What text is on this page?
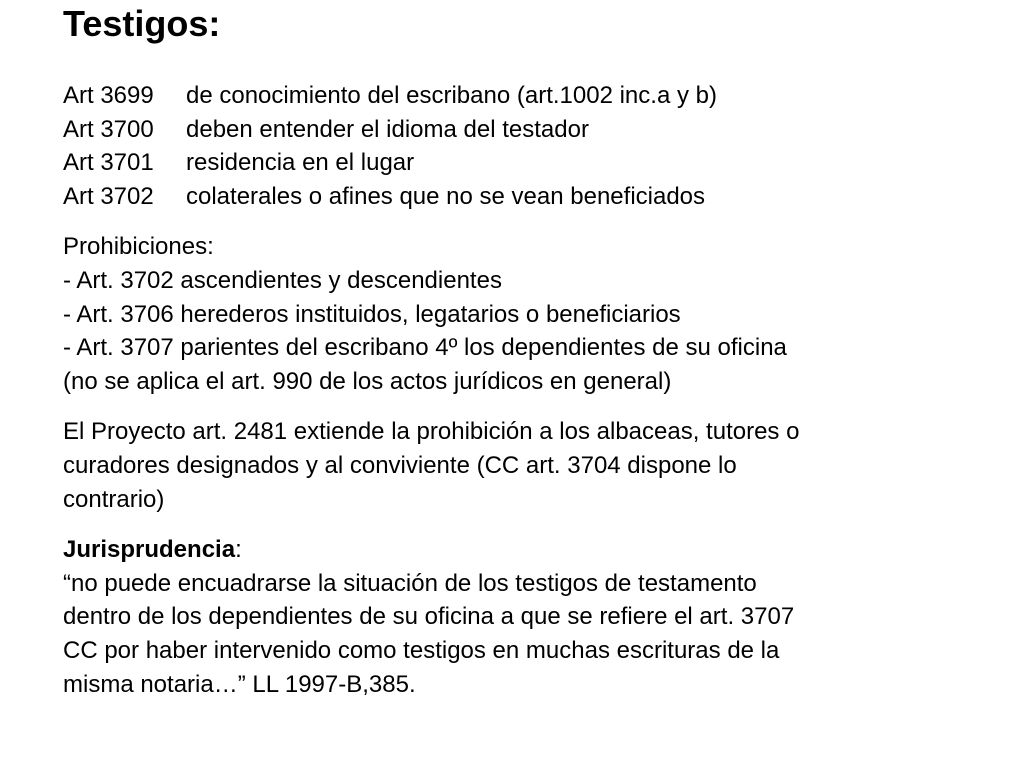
Testigos:
Art 3699 de conocimiento del escribano (art.1002 inc.a y b)
Art 3700 deben entender el idioma del testador
Art 3701 residencia en el lugar
Art 3702 colaterales o afines que no se vean beneficiados
Prohibiciones:
- Art. 3702 ascendientes y descendientes
- Art. 3706 herederos instituidos, legatarios o beneficiarios
- Art. 3707 parientes del escribano 4º los dependientes de su oficina
(no se aplica el art. 990 de los actos jurídicos en general)
El Proyecto art. 2481 extiende la prohibición a los albaceas, tutores o
curadores designados y al conviviente (CC art. 3704 dispone lo
contrario)
Jurisprudencia:
“no puede encuadrarse la situación de los testigos de testamento
dentro de los dependientes de su oficina a que se refiere el art. 3707
CC por haber intervenido como testigos en muchas escrituras de la
misma notaria…” LL 1997-B,385.
